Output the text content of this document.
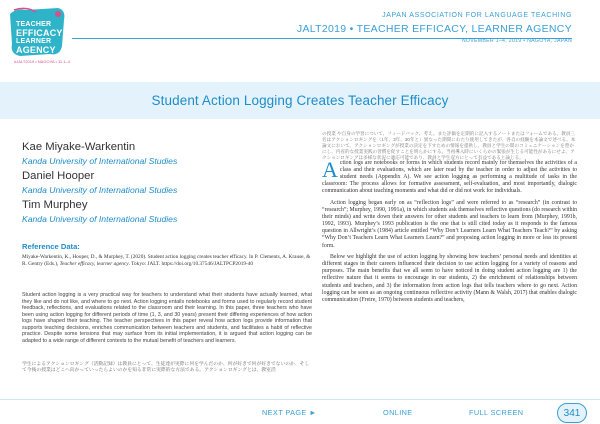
TEACHER
EFFICACY
LEARNER
AGENCY
#JALT2019 • NAGOYA • 11.1–4
JAPAN ASSOCIATION FOR LANGUAGE TEACHING
JALT2019 • TEACHER EFFICACY, LEARNER AGENCY
NOVEMBER 1–4, 2019 • NAGOYA, JAPAN
Student Action Logging Creates Teacher Efficacy
Kae Miyake-Warkentin
Kanda University of International Studies
Daniel Hooper
Kanda University of International Studies
Tim Murphey
Kanda University of International Studies
Reference Data:
Miyake-Warkentin, K., Hooper, D., & Murphey, T. (2020). Student action logging creates teacher efficacy. In P. Clements, A. Krause, & R. Gentry (Eds.), Teacher efficacy, learner agency. Tokyo: JALT. https://doi.org/10.37546/JALTPCP2019-40
Student action logging is a very practical way for teachers to understand what their students have actually learned, what they like and do not like, and where to go next. Action logging entails notebooks and forms used to regularly record student feedback, reflections, and evaluations related to the classroom and their learning. In this paper, three teachers who have been using action logging for different periods of time (1, 3, and 30 years) present their differing experiences of how action logs have shaped their teaching. The teacher perspectives in this paper reveal how action logs provide information that supports teaching decisions, enriches communication between teachers and students, and facilitates a habit of reflective practice. Despite some tensions that may surface from its initial implementation, it is argued that action logging can be adapted to a wide range of different contexts to the mutual benefit of teachers and learners.
学生によるアクションロギング（活動記録）は教員にとって、生徒達が実際に何を学んだのか、何が好きで何が好きでないのか、そして今後の授業はどこへ向かっていったらよいのかを知る非常に実際的な方法である。アクションロギングとは、教室活
の授業 や自身の学習について、フィードバック、考え、また評価を定期的に記入するノートまたはフォームである。教員三名はアクションロギングを（1年、3年、30年と）異なった期間にわたり使用してきたが、各自の経験を本論文で述べる。本論文において、アクションロギングが授業の決定を下すための情報を提供し、教員と学生の間のコミュニケーションを豊かにし、内省的な授業実践の習慣を促すことを明らかにする。当初導入時にいくらかの緊張が生じる可能性があるにせよ、アクションロギングは多様な状況に適応可能であり、教員と学生双方にとって有益であると論じる。

Action logs are notebooks or forms in which students record mainly for themselves the activities of a class and their evaluations, which are later read by the teacher in order to adjust the activities to student needs (Appendix A). We see action logging as performing a multitude of tasks in the classroom: The process allows for formative assessment, self-evaluation, and most importantly, dialogic communication about teaching moments and what did or did not work for individuals.

Action logging began early on as “reflection logs” and were referred to as “research” (in contrast to “research”; Murphey, 1990, 1991a), in which students ask themselves reflective questions (do research within their minds) and write down their answers for other students and teachers to learn from (Murphey, 1991b, 1992, 1993). Murphey’s 1993 publication is the one that is still cited today as it responds to the famous question in Allwright’s (1984) article entitled “Why Don’t Learners Learn What Teachers Teach?” by asking “Why Don’t Teachers Learn What Learners Learn?” and proposing action logging in more or less its present form.

Below we highlight the use of action logging by showing how teachers’ personal needs and identities at different stages in their careers influenced their decision to use action logging for a variety of reasons and purposes. The main benefits that we all seem to have noticed in doing student action logging are 1) the reflective nature that it seems to encourage in our students, 2) the enrichment of relationships between students and teachers, and 3) the information from action logs that tells teachers where to go next. Action logging can be seen as an ongoing continuous reflective activity (Mann & Walsh, 2017) that enables dialogic communication (Freire, 1970) between students and teachers,

NEXT PAGE ►	ONLINE	FULL SCREEN	341
